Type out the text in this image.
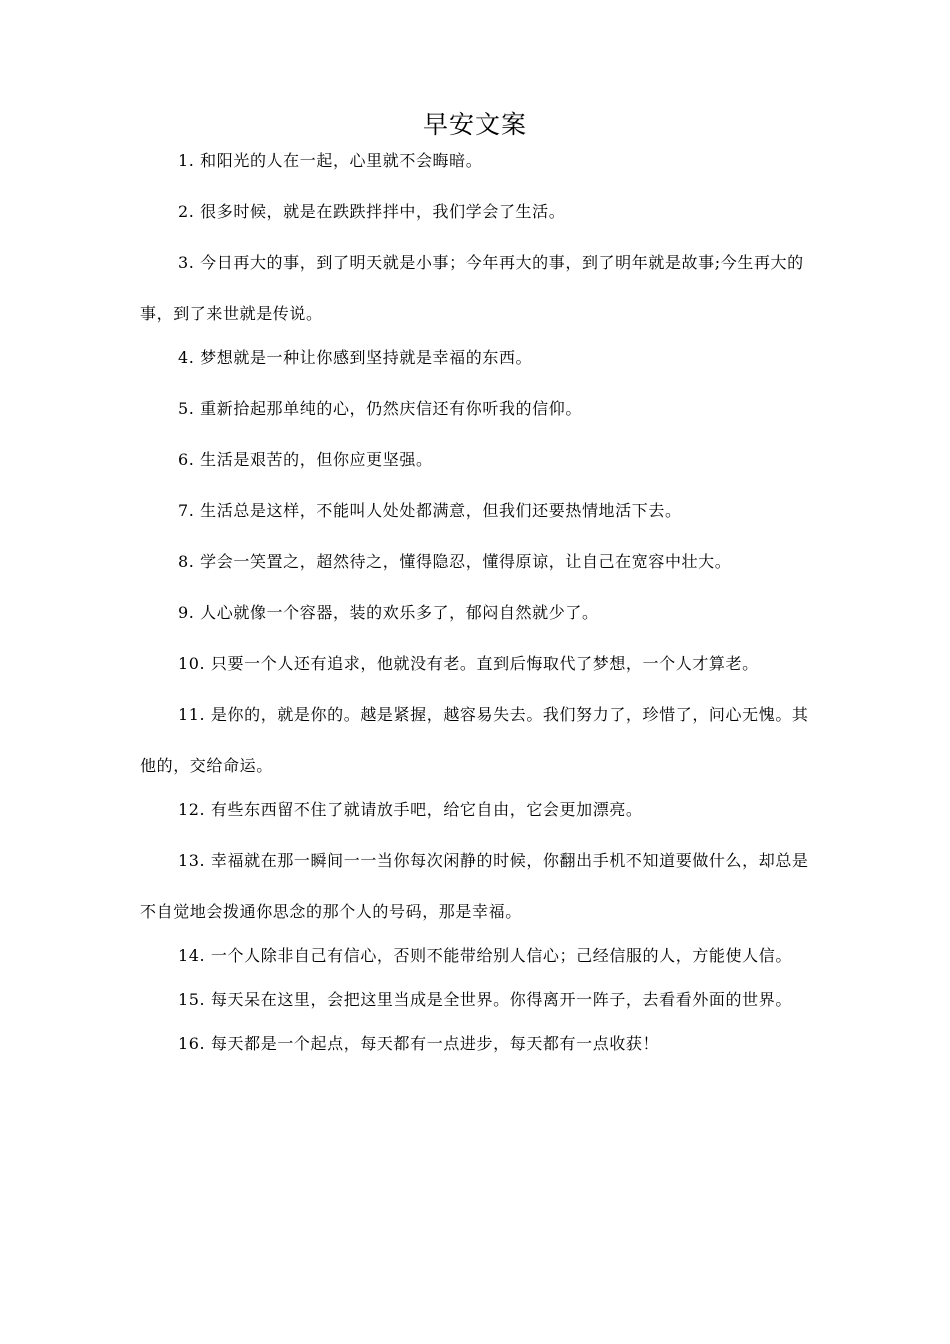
早安文案

1. 和阳光的人在一起，心里就不会晦暗。

2. 很多时候，就是在跌跌拌拌中，我们学会了生活。

3. 今日再大的事，到了明天就是小事；今年再大的事，到了明年就是故事;今生再大的事，到了来世就是传说。

4. 梦想就是一种让你感到坚持就是幸福的东西。

5. 重新拾起那单纯的心，仍然庆信还有你听我的信仰。

6. 生活是艰苦的，但你应更坚强。

7. 生活总是这样，不能叫人处处都满意，但我们还要热情地活下去。

8. 学会一笑置之，超然待之，懂得隐忍，懂得原谅，让自己在宽容中壮大。

9. 人心就像一个容器，装的欢乐多了，郁闷自然就少了。

10. 只要一个人还有追求，他就没有老。直到后悔取代了梦想，一个人才算老。

11. 是你的，就是你的。越是紧握，越容易失去。我们努力了，珍惜了，问心无愧。其他的，交给命运。

12. 有些东西留不住了就请放手吧，给它自由，它会更加漂亮。

13. 幸福就在那一瞬间一一当你每次闲静的时候，你翻出手机不知道要做什么，却总是不自觉地会拨通你思念的那个人的号码，那是幸福。

14. 一个人除非自己有信心，否则不能带给别人信心；己经信服的人，方能使人信。

15. 每天呆在这里，会把这里当成是全世界。你得离开一阵子，去看看外面的世界。

16. 每天都是一个起点，每天都有一点进步，每天都有一点收获！
